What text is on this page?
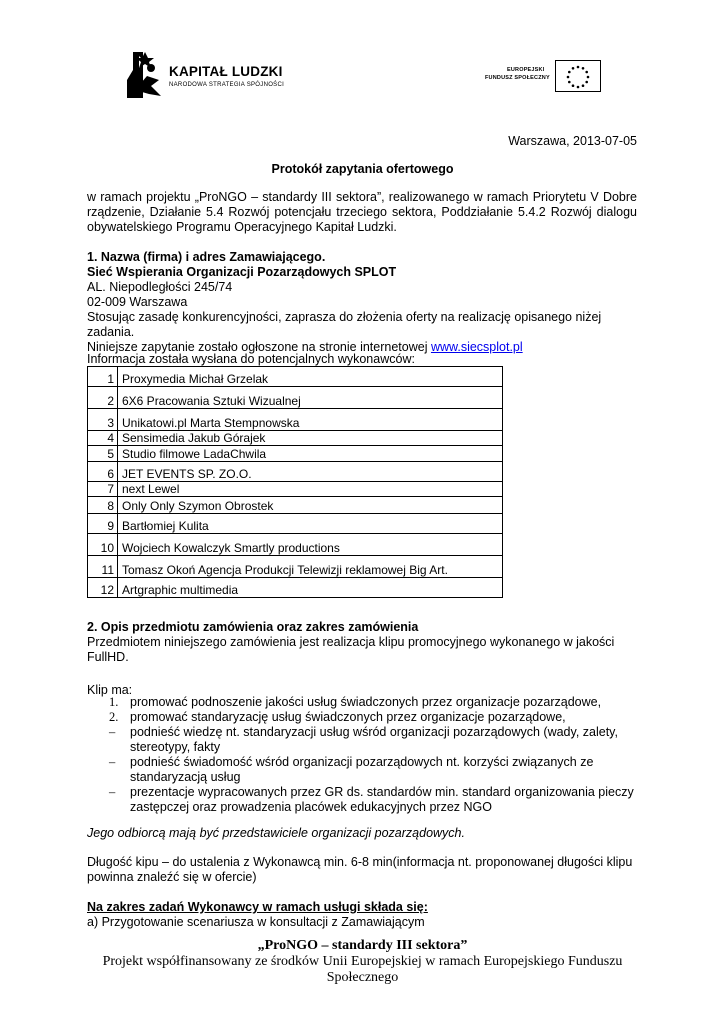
KAPITAŁ LUDZKI
NARODOWA STRATEGIA SPÓJNOŚCI
EUROPEJSKI
FUNDUSZ SPOŁECZNY
Warszawa, 2013-07-05
Protokół zapytania ofertowego

w ramach projektu „ProNGO – standardy III sektora”, realizowanego w ramach Priorytetu V Dobre rządzenie, Działanie 5.4 Rozwój potencjału trzeciego sektora, Poddziałanie 5.4.2 Rozwój dialogu obywatelskiego Programu Operacyjnego Kapitał Ludzki.

1. Nazwa (firma) i adres Zamawiającego.
Sieć Wspierania Organizacji Pozarządowych SPLOT
AL. Niepodległości 245/74
02-009 Warszawa
Stosując zasadę konkurencyjności, zaprasza do złożenia oferty na realizację opisanego niżej zadania.
Niniejsze zapytanie zostało ogłoszone na stronie internetowej www.siecsplot.pl
Informacja została wysłana do potencjalnych wykonawców:
1	Proxymedia Michał Grzelak
2	6X6 Pracowania Sztuki Wizualnej
3	Unikatowi.pl Marta Stempnowska
4	Sensimedia Jakub Górajek
5	Studio filmowe LadaChwila
6	JET EVENTS SP. ZO.O.
7	next Lewel
8	Only Only Szymon Obrostek
9	Bartłomiej Kulita
10	Wojciech Kowalczyk Smartly productions
11	Tomasz Okoń Agencja Produkcji Telewizji reklamowej Big Art.
12	Artgraphic multimedia
2. Opis przedmiotu zamówienia oraz zakres zamówienia
Przedmiotem niniejszego zamówienia jest realizacja klipu promocyjnego wykonanego w jakości FullHD.
Klip ma:
1. promować podnoszenie jakości usług świadczonych przez organizacje pozarządowe,
2. promować standaryzację usług świadczonych przez organizacje pozarządowe,
– podnieść wiedzę nt. standaryzacji usług wśród organizacji pozarządowych (wady, zalety, stereotypy, fakty
– podnieść świadomość wśród organizacji pozarządowych nt. korzyści związanych ze standaryzacją usług
– prezentacje wypracowanych przez GR ds. standardów min. standard organizowania pieczy zastępczej oraz prowadzenia placówek edukacyjnych przez NGO
Jego odbiorcą mają być przedstawiciele organizacji pozarządowych.
Długość kipu – do ustalenia z Wykonawcą min. 6-8 min(informacja nt. proponowanej długości klipu powinna znaleźć się w ofercie)
Na zakres zadań Wykonawcy w ramach usługi składa się:
a) Przygotowanie scenariusza w konsultacji z Zamawiającym
„ProNGO – standardy III sektora”
Projekt współfinansowany ze środków Unii Europejskiej w ramach Europejskiego Funduszu Społecznego
